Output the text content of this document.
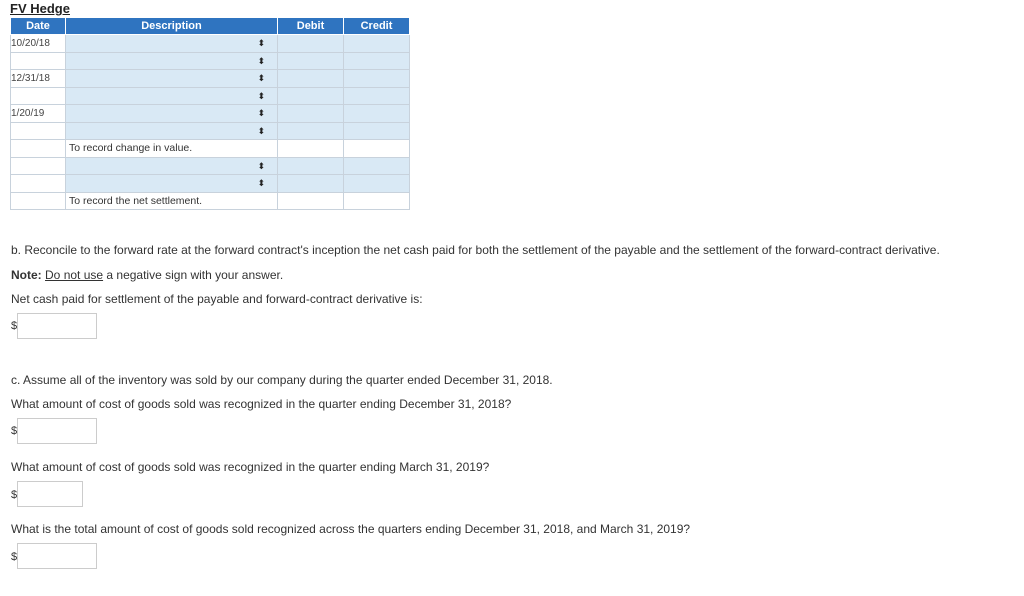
FV Hedge
Date	Description	Debit	Credit
10/20/18	⬍		

	⬍		

12/31/18	⬍		

	⬍		

1/20/19	⬍		

	⬍		

	To record change in value.		

	⬍		

	⬍		

	To record the net settlement.		
b. Reconcile to the forward rate at the forward contract's inception the net cash paid for both the settlement of the payable and the settlement of the forward-contract derivative.
Note: Do not use a negative sign with your answer.
Net cash paid for settlement of the payable and forward-contract derivative is:
$
c. Assume all of the inventory was sold by our company during the quarter ended December 31, 2018.
What amount of cost of goods sold was recognized in the quarter ending December 31, 2018?
$
What amount of cost of goods sold was recognized in the quarter ending March 31, 2019?
$
What is the total amount of cost of goods sold recognized across the quarters ending December 31, 2018, and March 31, 2019?
$
